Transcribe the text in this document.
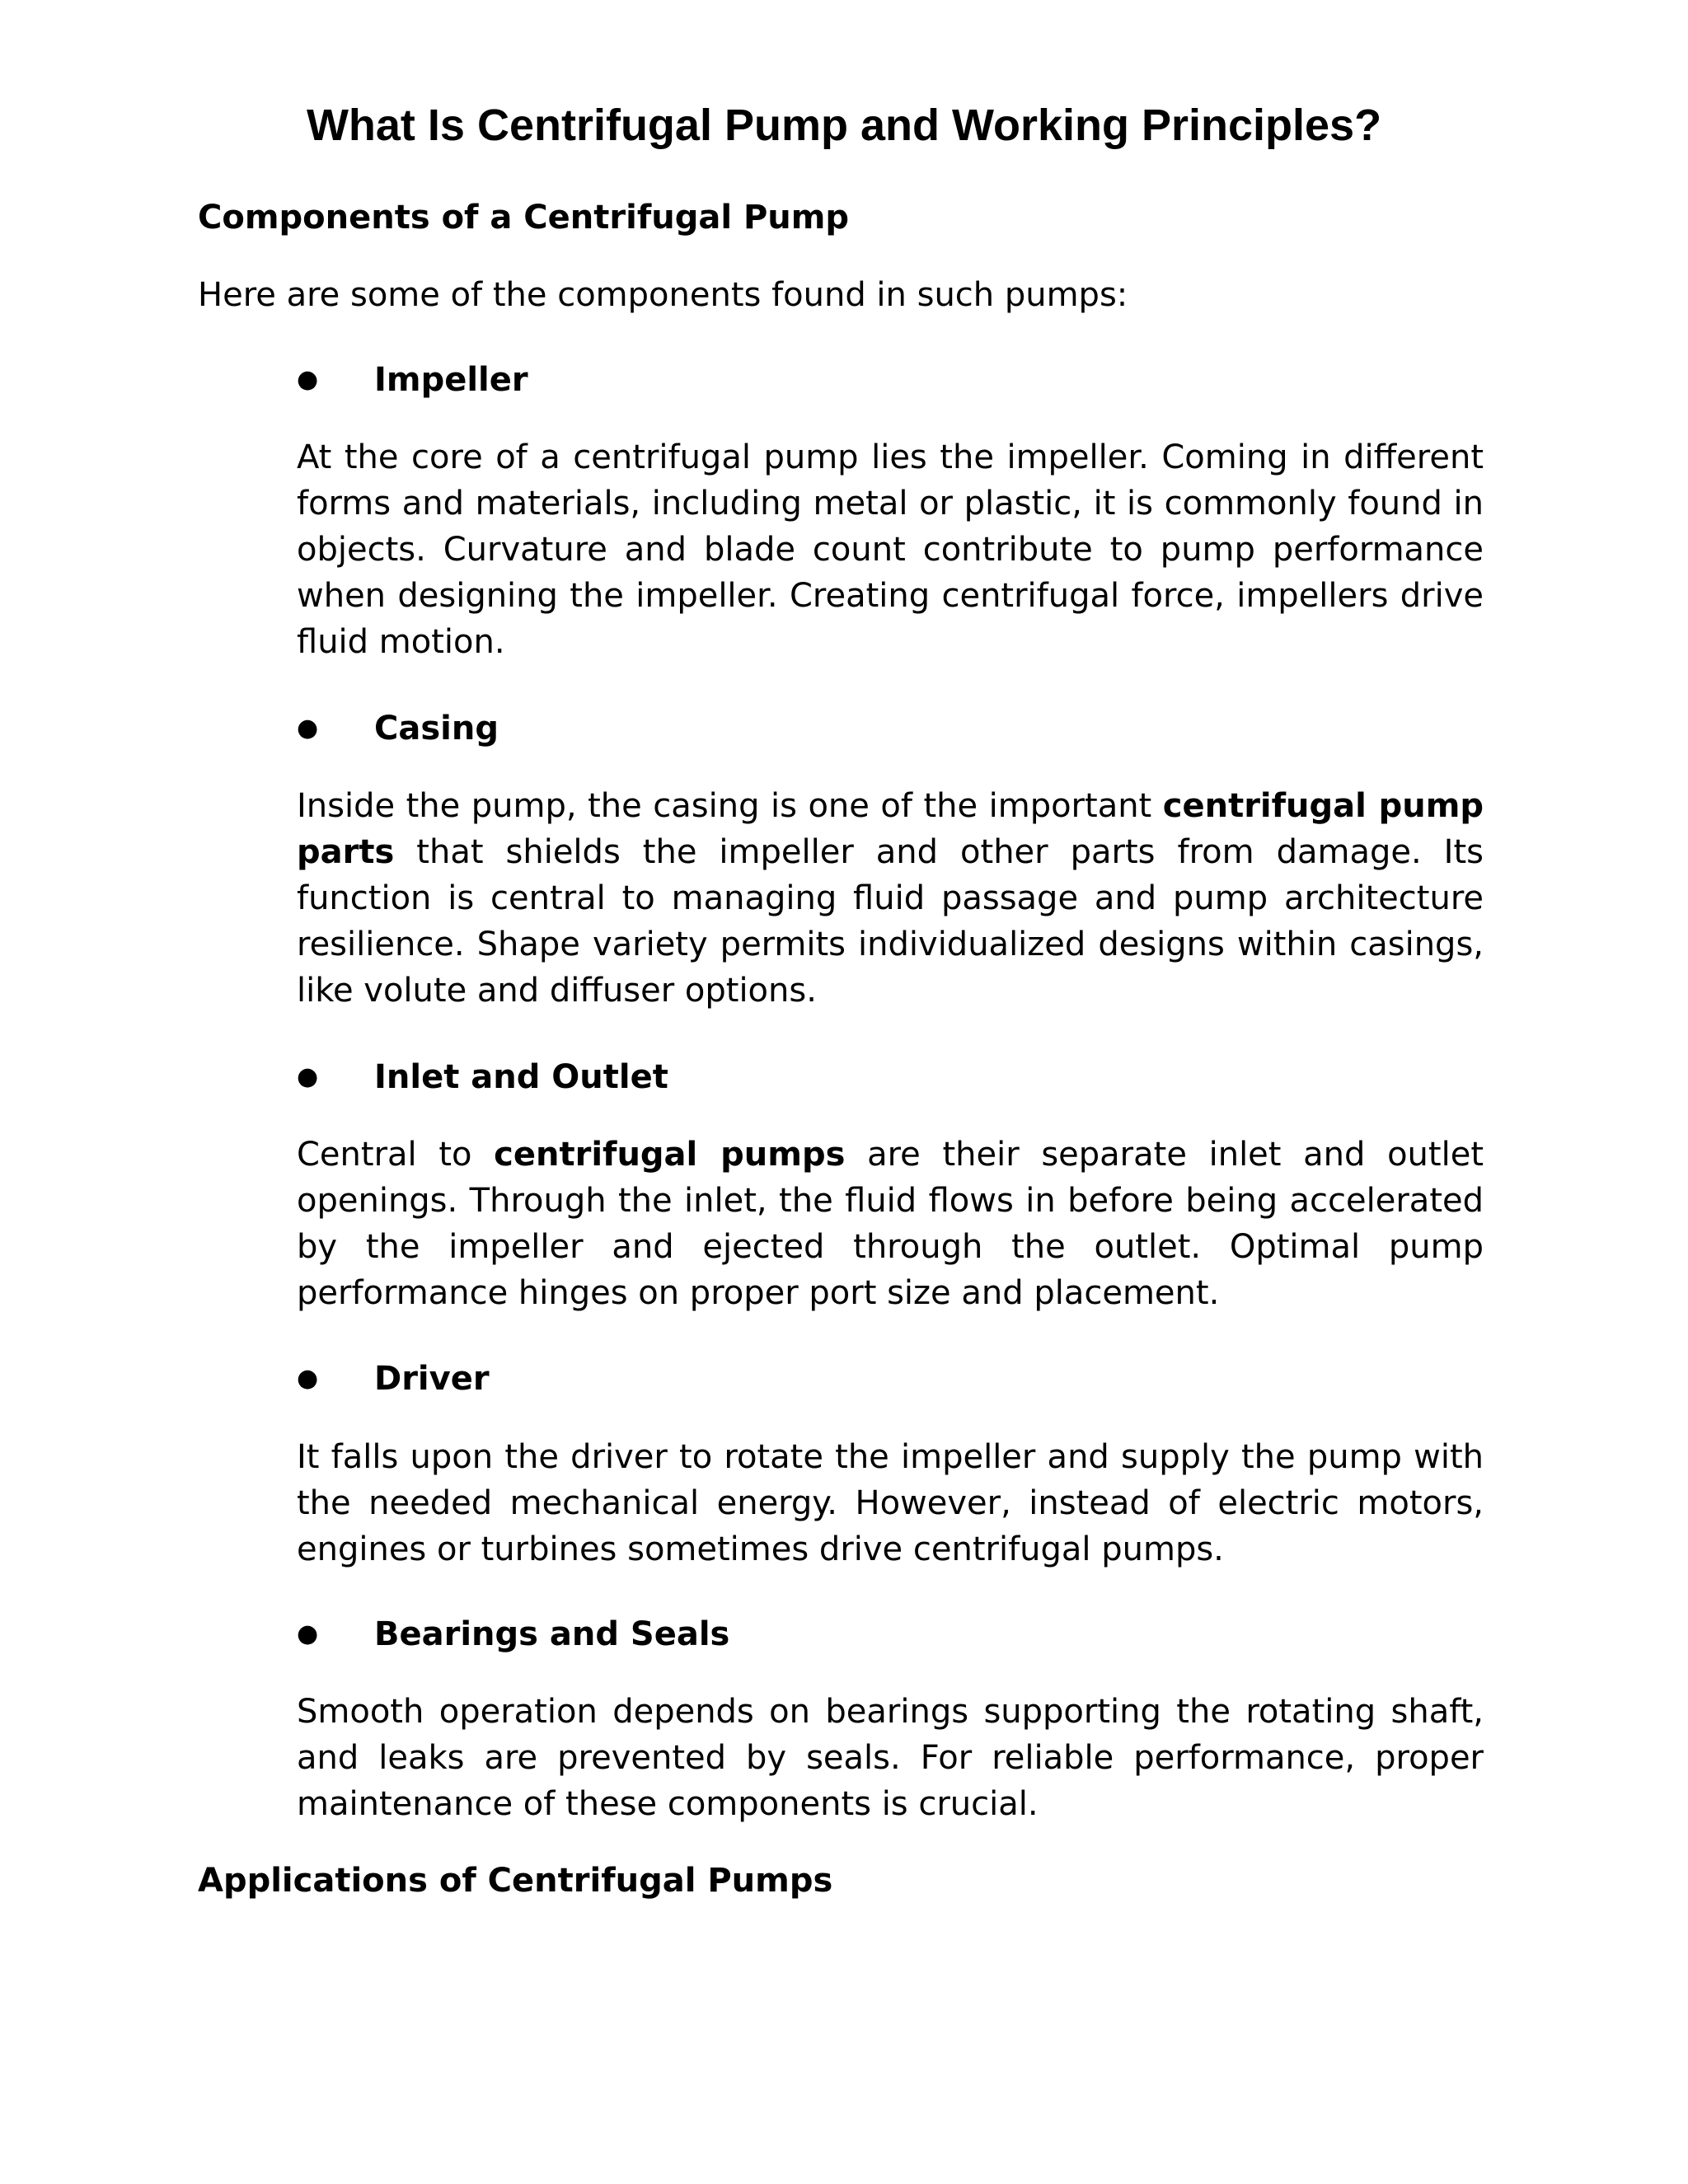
What Is Centrifugal Pump and Working Principles?
Components of a Centrifugal Pump

Here are some of the components found in such pumps:

● Impeller

At the core of a centrifugal pump lies the impeller. Coming in different forms and materials, including metal or plastic, it is commonly found in objects. Curvature and blade count contribute to pump performance when designing the impeller. Creating centrifugal force, impellers drive fluid motion.

● Casing

Inside the pump, the casing is one of the important centrifugal pump parts that shields the impeller and other parts from damage. Its function is central to managing fluid passage and pump architecture resilience. Shape variety permits individualized designs within casings, like volute and diffuser options.

● Inlet and Outlet

Central to centrifugal pumps are their separate inlet and outlet openings. Through the inlet, the fluid flows in before being accelerated by the impeller and ejected through the outlet. Optimal pump performance hinges on proper port size and placement.

● Driver

It falls upon the driver to rotate the impeller and supply the pump with the needed mechanical energy. However, instead of electric motors, engines or turbines sometimes drive centrifugal pumps.

● Bearings and Seals

Smooth operation depends on bearings supporting the rotating shaft, and leaks are prevented by seals. For reliable performance, proper maintenance of these components is crucial.

Applications of Centrifugal Pumps
